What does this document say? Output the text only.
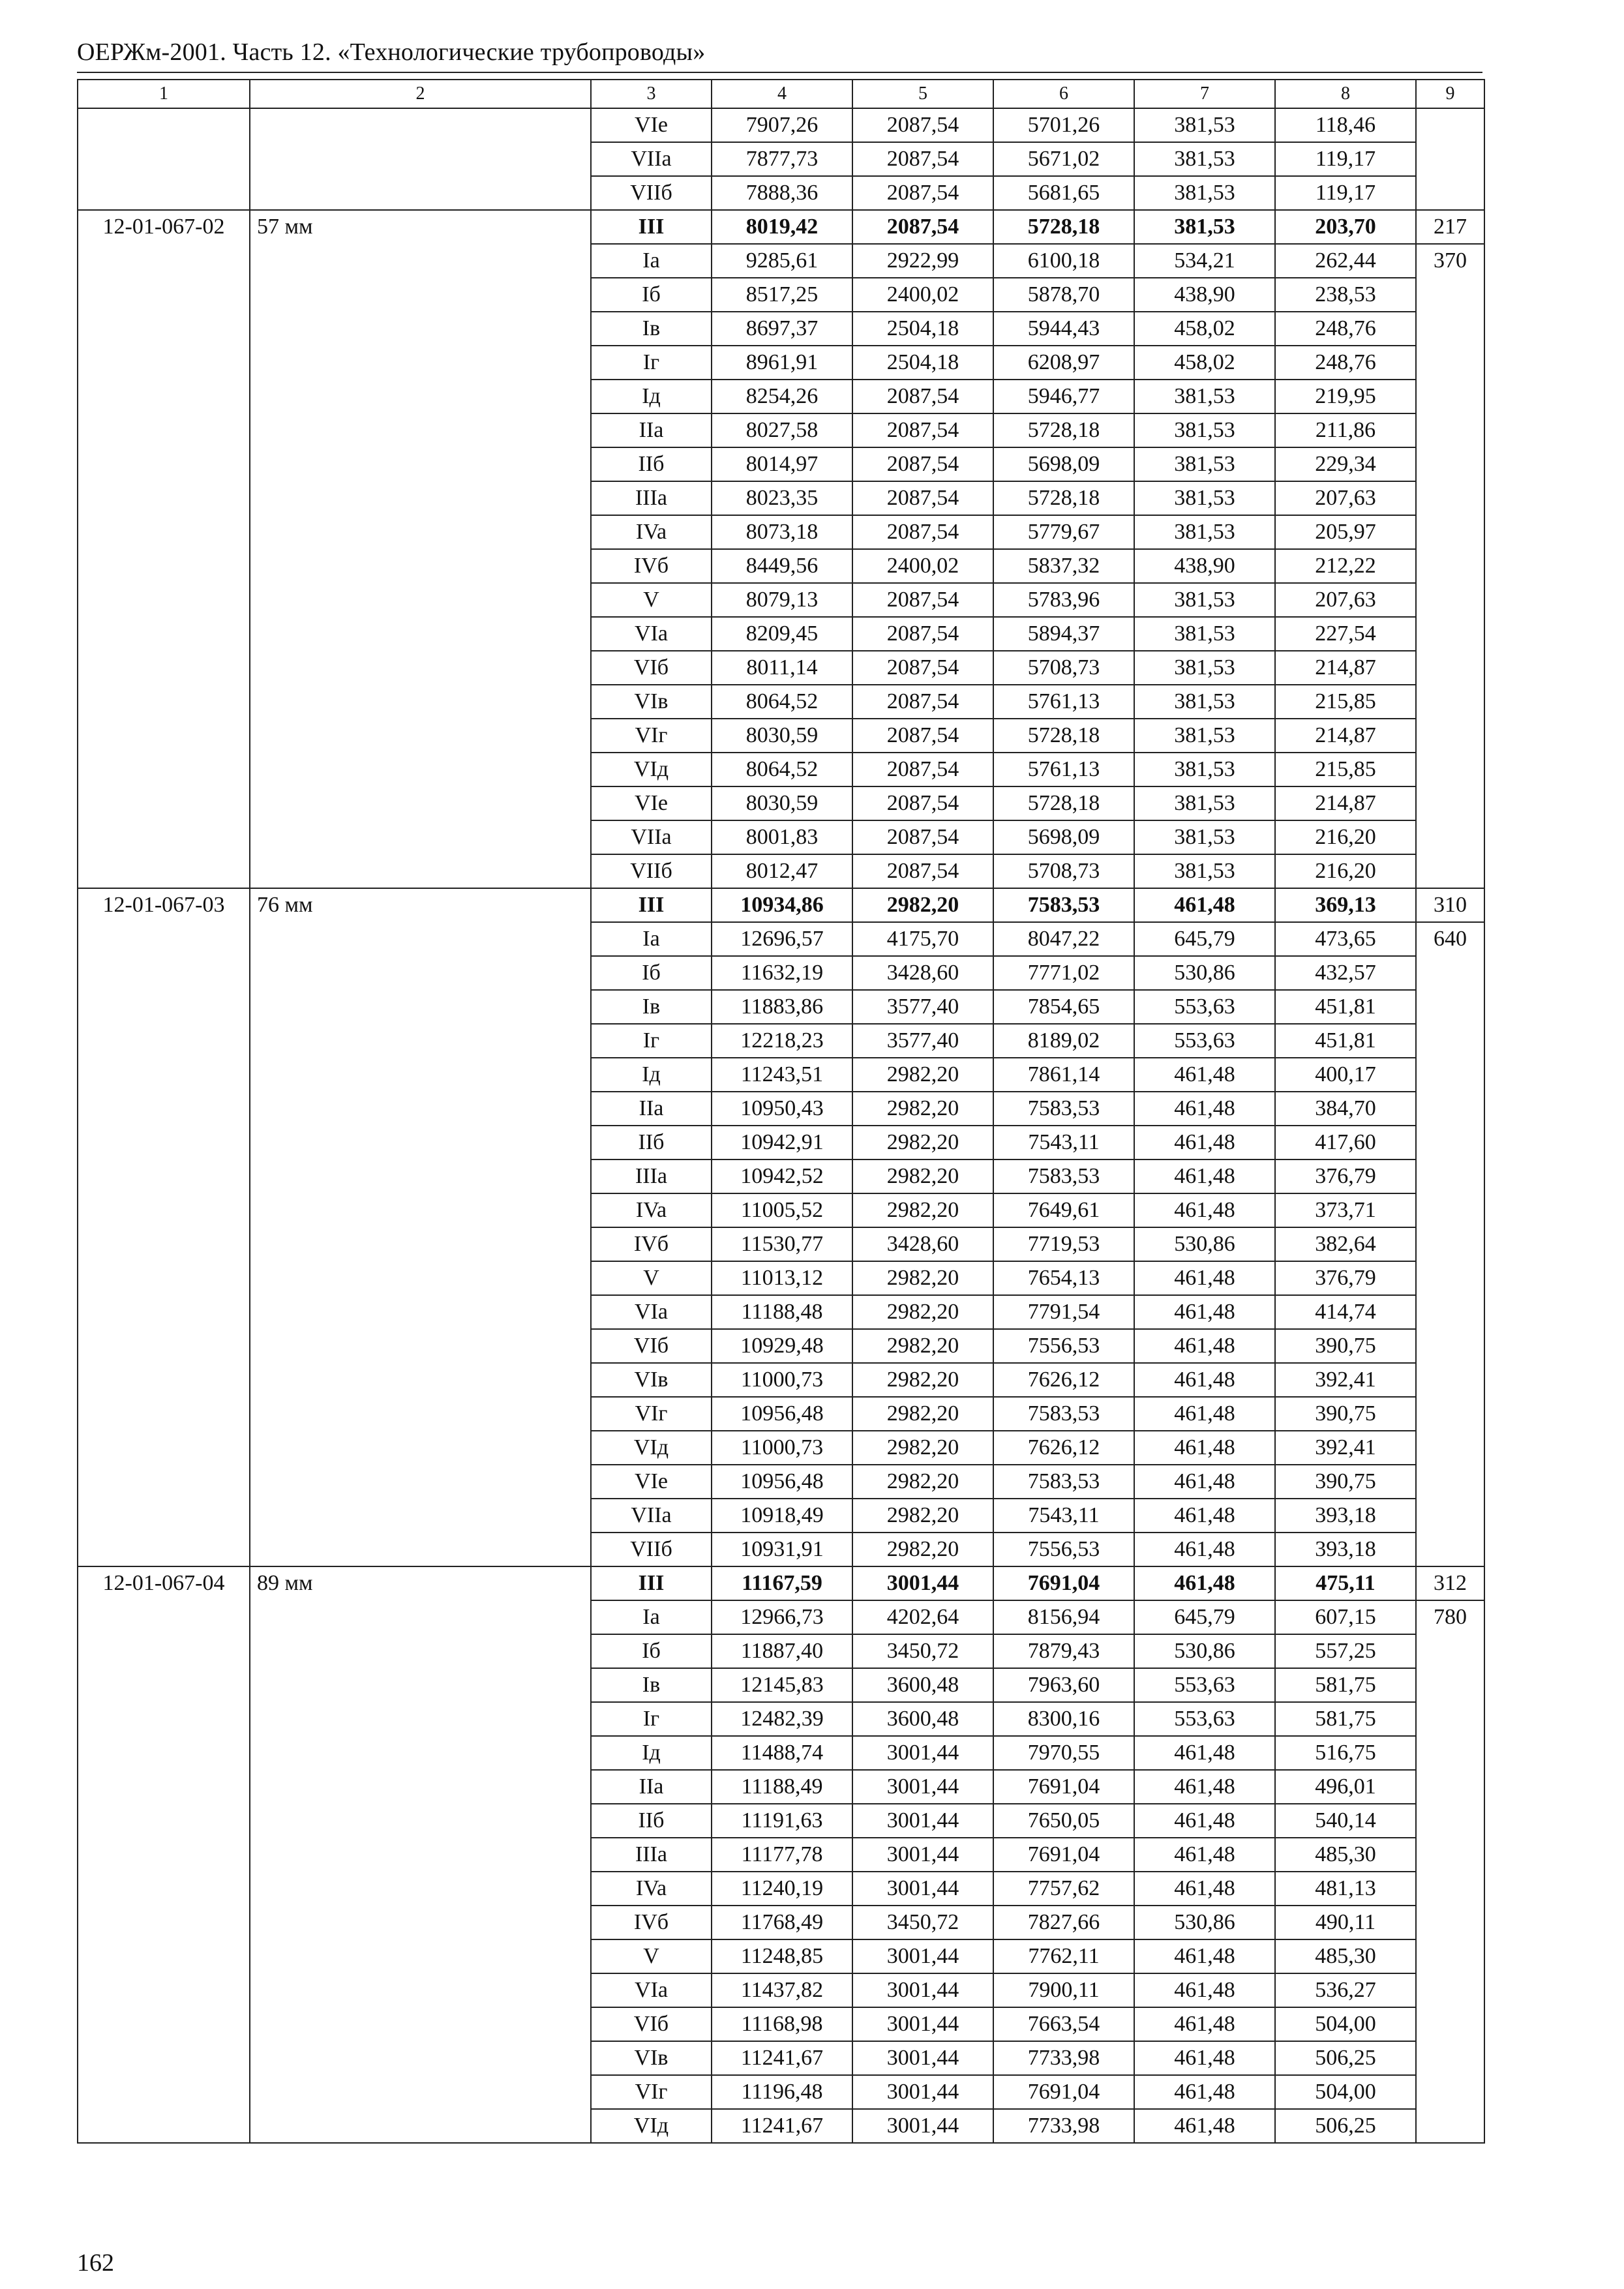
ОЕРЖм-2001. Часть 12. «Технологические трубопроводы»
1	2	3	4	5	6	7	8	9
		VIe	7907,26	2087,54	5701,26	381,53	118,46	
		VIIa	7877,73	2087,54	5671,02	381,53	119,17	
		VIIб	7888,36	2087,54	5681,65	381,53	119,17	
12-01-067-02	57 мм	III	8019,42	2087,54	5728,18	381,53	203,70	217
		Ia	9285,61	2922,99	6100,18	534,21	262,44	370
		Iб	8517,25	2400,02	5878,70	438,90	238,53	
		Iв	8697,37	2504,18	5944,43	458,02	248,76	
		Iг	8961,91	2504,18	6208,97	458,02	248,76	
		Iд	8254,26	2087,54	5946,77	381,53	219,95	
		IIa	8027,58	2087,54	5728,18	381,53	211,86	
		IIб	8014,97	2087,54	5698,09	381,53	229,34	
		IIIa	8023,35	2087,54	5728,18	381,53	207,63	
		IVa	8073,18	2087,54	5779,67	381,53	205,97	
		IVб	8449,56	2400,02	5837,32	438,90	212,22	
		V	8079,13	2087,54	5783,96	381,53	207,63	
		VIa	8209,45	2087,54	5894,37	381,53	227,54	
		VIб	8011,14	2087,54	5708,73	381,53	214,87	
		VIв	8064,52	2087,54	5761,13	381,53	215,85	
		VIг	8030,59	2087,54	5728,18	381,53	214,87	
		VIд	8064,52	2087,54	5761,13	381,53	215,85	
		VIe	8030,59	2087,54	5728,18	381,53	214,87	
		VIIa	8001,83	2087,54	5698,09	381,53	216,20	
		VIIб	8012,47	2087,54	5708,73	381,53	216,20	
12-01-067-03	76 мм	III	10934,86	2982,20	7583,53	461,48	369,13	310
		Ia	12696,57	4175,70	8047,22	645,79	473,65	640
		Iб	11632,19	3428,60	7771,02	530,86	432,57	
		Iв	11883,86	3577,40	7854,65	553,63	451,81	
		Iг	12218,23	3577,40	8189,02	553,63	451,81	
		Iд	11243,51	2982,20	7861,14	461,48	400,17	
		IIa	10950,43	2982,20	7583,53	461,48	384,70	
		IIб	10942,91	2982,20	7543,11	461,48	417,60	
		IIIa	10942,52	2982,20	7583,53	461,48	376,79	
		IVa	11005,52	2982,20	7649,61	461,48	373,71	
		IVб	11530,77	3428,60	7719,53	530,86	382,64	
		V	11013,12	2982,20	7654,13	461,48	376,79	
		VIa	11188,48	2982,20	7791,54	461,48	414,74	
		VIб	10929,48	2982,20	7556,53	461,48	390,75	
		VIв	11000,73	2982,20	7626,12	461,48	392,41	
		VIг	10956,48	2982,20	7583,53	461,48	390,75	
		VIд	11000,73	2982,20	7626,12	461,48	392,41	
		VIe	10956,48	2982,20	7583,53	461,48	390,75	
		VIIa	10918,49	2982,20	7543,11	461,48	393,18	
		VIIб	10931,91	2982,20	7556,53	461,48	393,18	
12-01-067-04	89 мм	III	11167,59	3001,44	7691,04	461,48	475,11	312
		Ia	12966,73	4202,64	8156,94	645,79	607,15	780
		Iб	11887,40	3450,72	7879,43	530,86	557,25	
		Iв	12145,83	3600,48	7963,60	553,63	581,75	
		Iг	12482,39	3600,48	8300,16	553,63	581,75	
		Iд	11488,74	3001,44	7970,55	461,48	516,75	
		IIa	11188,49	3001,44	7691,04	461,48	496,01	
		IIб	11191,63	3001,44	7650,05	461,48	540,14	
		IIIa	11177,78	3001,44	7691,04	461,48	485,30	
		IVa	11240,19	3001,44	7757,62	461,48	481,13	
		IVб	11768,49	3450,72	7827,66	530,86	490,11	
		V	11248,85	3001,44	7762,11	461,48	485,30	
		VIa	11437,82	3001,44	7900,11	461,48	536,27	
		VIб	11168,98	3001,44	7663,54	461,48	504,00	
		VIв	11241,67	3001,44	7733,98	461,48	506,25	
		VIг	11196,48	3001,44	7691,04	461,48	504,00	
		VIд	11241,67	3001,44	7733,98	461,48	506,25	
162
